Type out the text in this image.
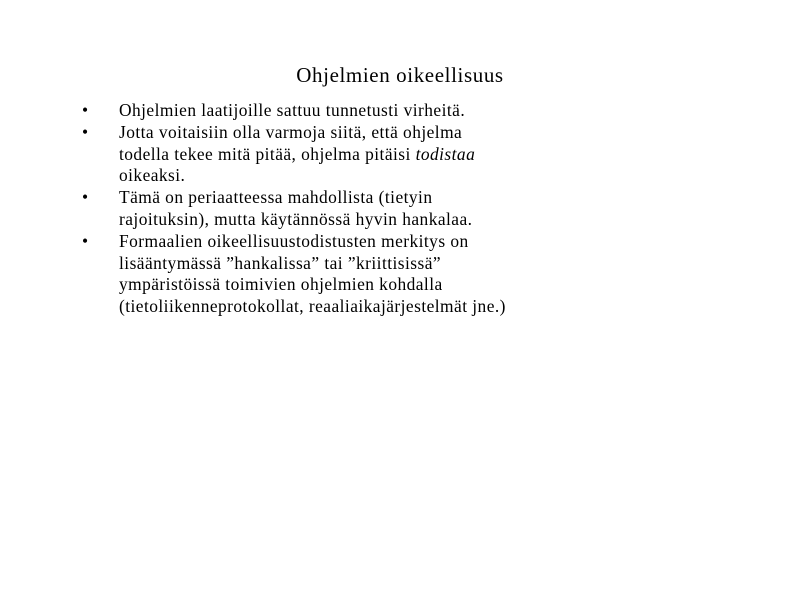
Ohjelmien oikeellisuus
• Ohjelmien laatijoille sattuu tunnetusti virheitä.
• Jotta voitaisiin olla varmoja siitä, että ohjelma
todella tekee mitä pitää, ohjelma pitäisi todistaa
oikeaksi.
• Tämä on periaatteessa mahdollista (tietyin
rajoituksin), mutta käytännössä hyvin hankalaa.
• Formaalien oikeellisuustodistusten merkitys on
lisääntymässä ”hankalissa” tai ”kriittisissä”
ympäristöissä toimivien ohjelmien kohdalla
(tietoliikenneprotokollat, reaaliaikajärjestelmät jne.)
